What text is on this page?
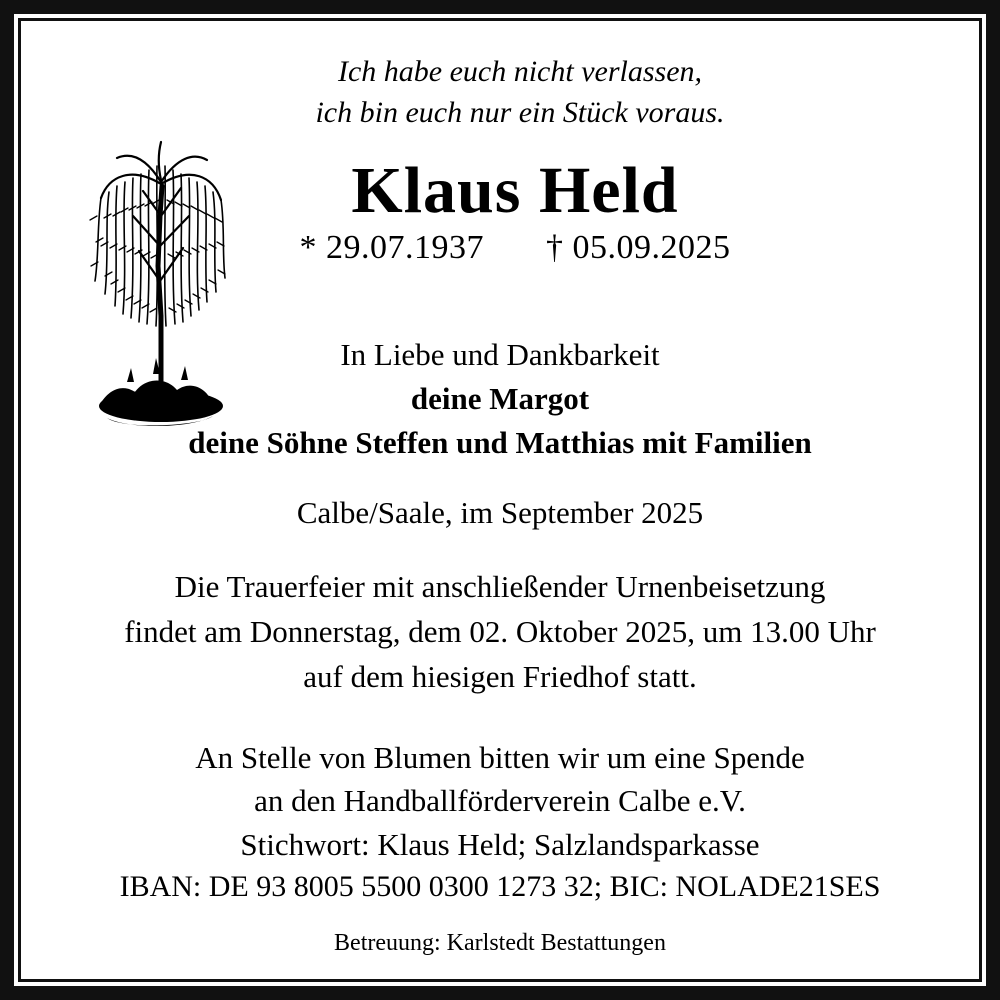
Ich habe euch nicht verlassen,
ich bin euch nur ein Stück voraus.
Klaus Held
* 29.07.1937 † 05.09.2025
In Liebe und Dankbarkeit
deine Margot
deine Söhne Steffen und Matthias mit Familien
Calbe/Saale, im September 2025
Die Trauerfeier mit anschließender Urnenbeisetzung
findet am Donnerstag, dem 02. Oktober 2025, um 13.00 Uhr
auf dem hiesigen Friedhof statt.
An Stelle von Blumen bitten wir um eine Spende
an den Handballförderverein Calbe e.V.
Stichwort: Klaus Held; Salzlandsparkasse
IBAN: DE 93 8005 5500 0300 1273 32; BIC: NOLADE21SES
Betreuung: Karlstedt Bestattungen
